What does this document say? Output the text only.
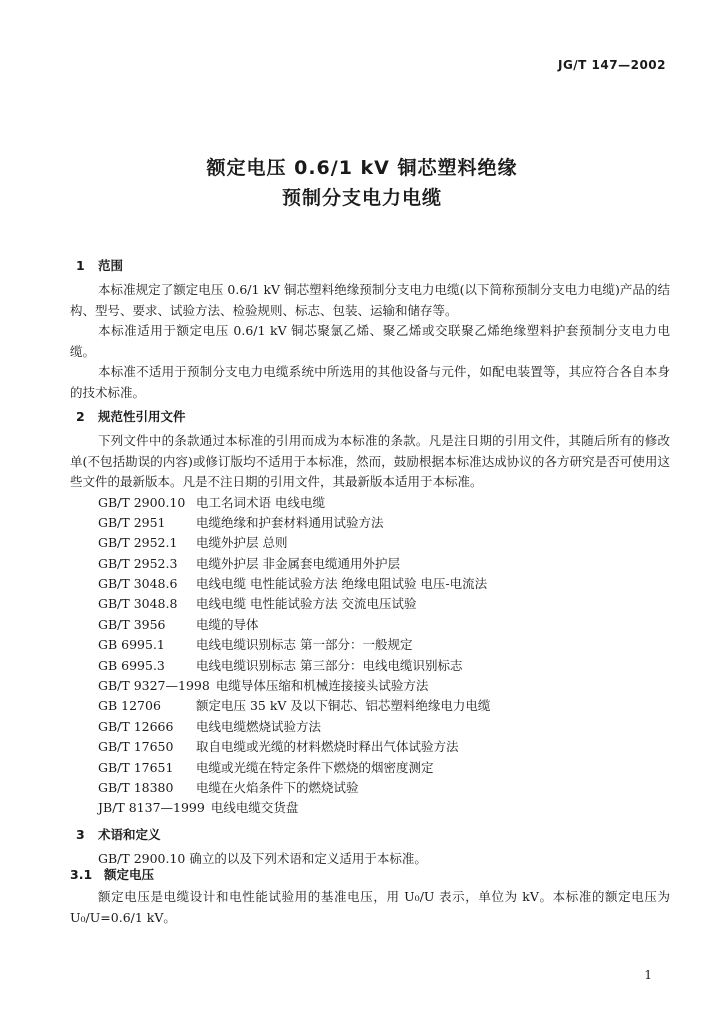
JG/T 147—2002
额定电压 0.6/1 kV 铜芯塑料绝缘
预制分支电力电缆
1 范围
本标准规定了额定电压 0.6/1 kV 铜芯塑料绝缘预制分支电力电缆(以下简称预制分支电力电缆)产品的结构、型号、要求、试验方法、检验规则、标志、包装、运输和储存等。
本标准适用于额定电压 0.6/1 kV 铜芯聚氯乙烯、聚乙烯或交联聚乙烯绝缘塑料护套预制分支电力电缆。
本标准不适用于预制分支电力电缆系统中所选用的其他设备与元件，如配电装置等，其应符合各自本身的技术标准。
2 规范性引用文件
下列文件中的条款通过本标准的引用而成为本标准的条款。凡是注日期的引用文件，其随后所有的修改单(不包括勘误的内容)或修订版均不适用于本标准，然而，鼓励根据本标准达成协议的各方研究是否可使用这些文件的最新版本。凡是不注日期的引用文件，其最新版本适用于本标准。
GB/T 2900.10 电工名词术语 电线电缆
GB/T 2951 电缆绝缘和护套材料通用试验方法
GB/T 2952.1 电缆外护层 总则
GB/T 2952.3 电缆外护层 非金属套电缆通用外护层
GB/T 3048.6 电线电缆 电性能试验方法 绝缘电阻试验 电压-电流法
GB/T 3048.8 电线电缆 电性能试验方法 交流电压试验
GB/T 3956 电缆的导体
GB 6995.1 电线电缆识别标志 第一部分：一般规定
GB 6995.3 电线电缆识别标志 第三部分：电线电缆识别标志
GB/T 9327—1998 电缆导体压缩和机械连接接头试验方法
GB 12706	额定电压 35 kV 及以下铜芯、铝芯塑料绝缘电力电缆
GB/T 12666 电线电缆燃烧试验方法
GB/T 17650 取自电缆或光缆的材料燃烧时释出气体试验方法
GB/T 17651 电缆或光缆在特定条件下燃烧的烟密度测定
GB/T 18380 电缆在火焰条件下的燃烧试验
JB/T 8137—1999 电线电缆交货盘
3 术语和定义
GB/T 2900.10 确立的以及下列术语和定义适用于本标准。
3.1 额定电压
额定电压是电缆设计和电性能试验用的基准电压，用 U₀/U 表示，单位为 kV。本标准的额定电压为 U₀/U=0.6/1 kV。
1
